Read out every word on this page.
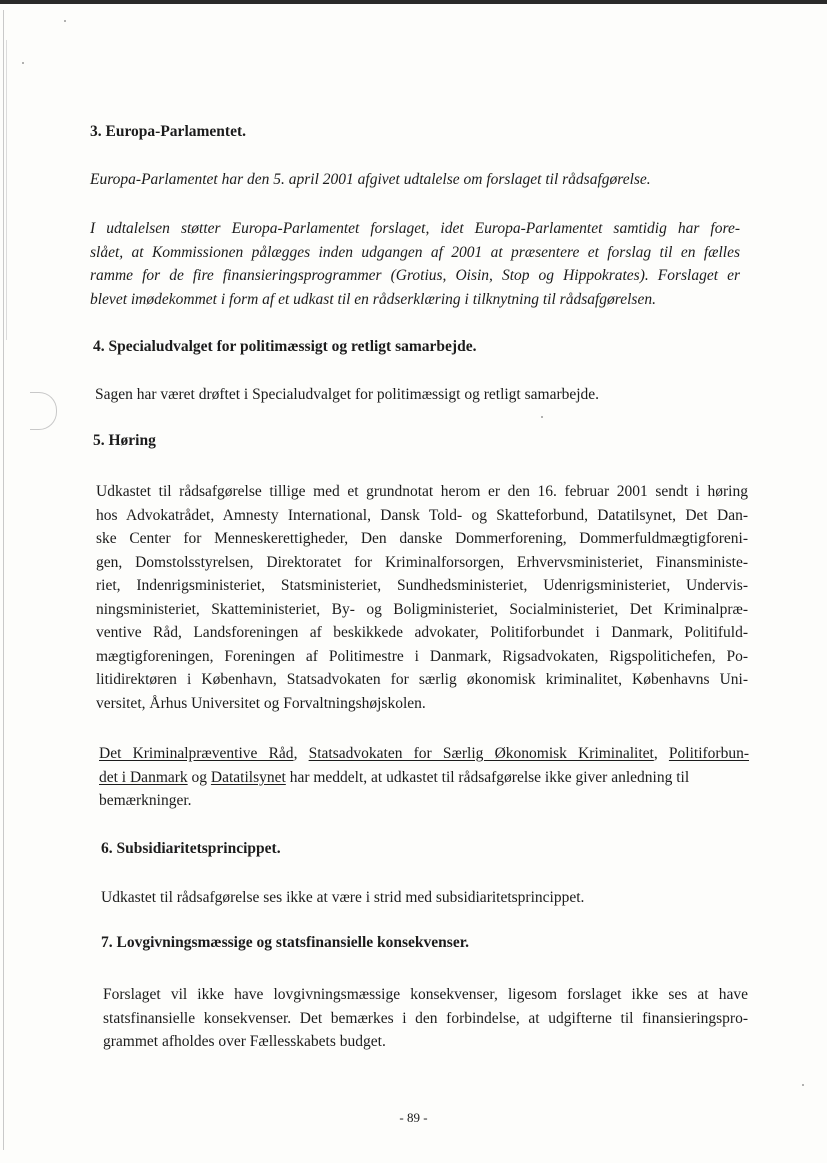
3. Europa-Parlamentet.
Europa-Parlamentet har den 5. april 2001 afgivet udtalelse om forslaget til rådsafgørelse.
I udtalelsen støtter Europa-Parlamentet forslaget, idet Europa-Parlamentet samtidig har fore-
slået, at Kommissionen pålægges inden udgangen af 2001 at præsentere et forslag til en fælles
ramme for de fire finansieringsprogrammer (Grotius, Oisin, Stop og Hippokrates). Forslaget er
blevet imødekommet i form af et udkast til en rådserklæring i tilknytning til rådsafgørelsen.
4. Specialudvalget for politimæssigt og retligt samarbejde.
Sagen har været drøftet i Specialudvalget for politimæssigt og retligt samarbejde.
5. Høring
Udkastet til rådsafgørelse tillige med et grundnotat herom er den 16. februar 2001 sendt i høring
hos Advokatrådet, Amnesty International, Dansk Told- og Skatteforbund, Datatilsynet, Det Dan-
ske Center for Menneskerettigheder, Den danske Dommerforening, Dommerfuldmægtigforeni-
gen, Domstolsstyrelsen, Direktoratet for Kriminalforsorgen, Erhvervsministeriet, Finansministe-
riet, Indenrigsministeriet, Statsministeriet, Sundhedsministeriet, Udenrigsministeriet, Undervis-
ningsministeriet, Skatteministeriet, By- og Boligministeriet, Socialministeriet, Det Kriminalpræ-
ventive Råd, Landsforeningen af beskikkede advokater, Politiforbundet i Danmark, Politifuld-
mægtigforeningen, Foreningen af Politimestre i Danmark, Rigsadvokaten, Rigspolitichefen, Po-
litidirektøren i København, Statsadvokaten for særlig økonomisk kriminalitet, Københavns Uni-
versitet, Århus Universitet og Forvaltningshøjskolen.
Det Kriminalpræventive Råd, Statsadvokaten for Særlig Økonomisk Kriminalitet, Politiforbun-
det i Danmark og Datatilsynet har meddelt, at udkastet til rådsafgørelse ikke giver anledning til
bemærkninger.
6. Subsidiaritetsprincippet.
Udkastet til rådsafgørelse ses ikke at være i strid med subsidiaritetsprincippet.
7. Lovgivningsmæssige og statsfinansielle konsekvenser.
Forslaget vil ikke have lovgivningsmæssige konsekvenser, ligesom forslaget ikke ses at have
statsfinansielle konsekvenser. Det bemærkes i den forbindelse, at udgifterne til finansieringspro-
grammet afholdes over Fællesskabets budget.
- 89 -
